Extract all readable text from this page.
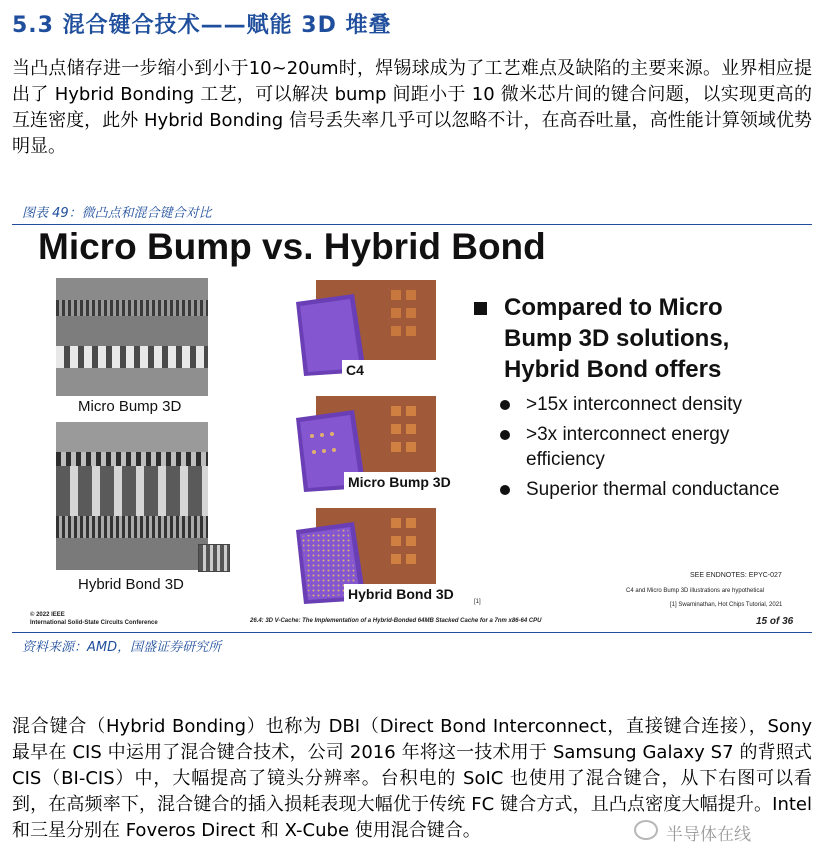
5.3 混合键合技术——赋能 3D 堆叠
当凸点储存进一步缩小到小于10~20um时，焊锡球成为了工艺难点及缺陷的主要来源。业界相应提出了 Hybrid Bonding 工艺，可以解决 bump 间距小于 10 微米芯片间的键合问题，以实现更高的互连密度，此外 Hybrid Bonding 信号丢失率几乎可以忽略不计，在高吞吐量，高性能计算领域优势明显。
图表 49：微凸点和混合键合对比
Micro Bump vs. Hybrid Bond
Micro Bump 3D
Hybrid Bond 3D
C4
Micro Bump 3D
Hybrid Bond 3D	[1]
Compared to Micro Bump 3D solutions, Hybrid Bond offers
>15x interconnect density
>3x interconnect energy efficiency
Superior thermal conductance
SEE ENDNOTES: EPYC-027
C4 and Micro Bump 3D illustrations are hypothetical
[1] Swaminathan, Hot Chips Tutorial, 2021
© 2022 IEEE
International Solid-State Circuits Conference	26.4: 3D V-Cache: The Implementation of a Hybrid-Bonded 64MB Stacked Cache for a 7nm x86-64 CPU	15 of 36
资料来源：AMD，国盛证券研究所
混合键合（Hybrid Bonding）也称为 DBI（Direct Bond Interconnect，直接键合连接），Sony 最早在 CIS 中运用了混合键合技术，公司 2016 年将这一技术用于 Samsung Galaxy S7 的背照式 CIS（BI-CIS）中，大幅提高了镜头分辨率。台积电的 SoIC 也使用了混合键合，从下右图可以看到，在高频率下，混合键合的插入损耗表现大幅优于传统 FC 键合方式，且凸点密度大幅提升。Intel 和三星分别在 Foveros Direct 和 X-Cube 使用混合键合。	半导体在线
